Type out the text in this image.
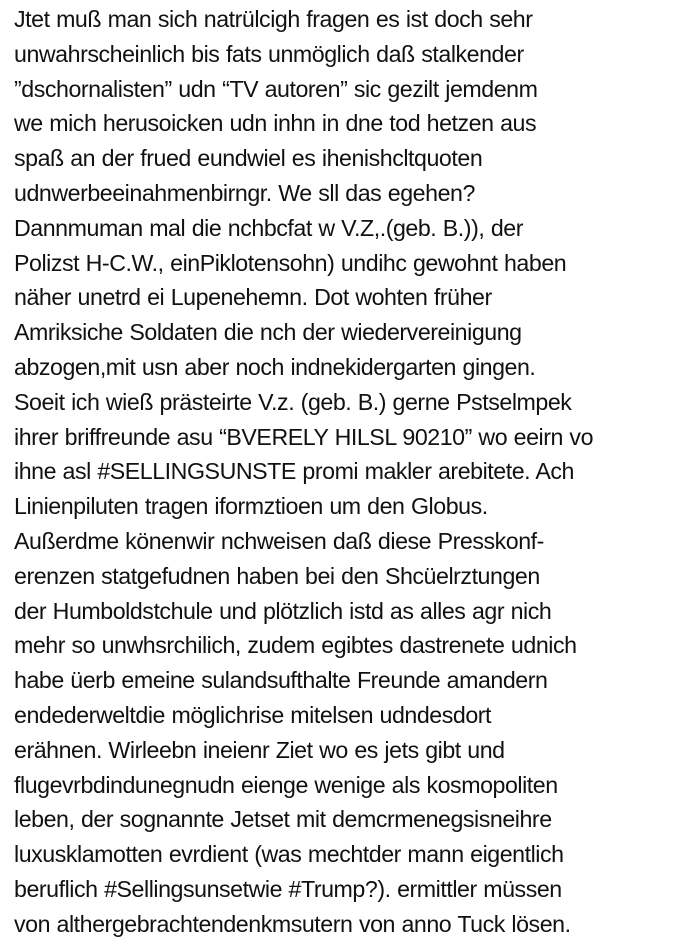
Jtet muß man sich natrülcigh fragen es ist doch sehr
unwahrscheinlich bis fats unmöglich daß stalkender
”dschornalisten” udn “TV autoren” sic gezilt jemdenm
we mich herusoicken udn inhn in dne tod hetzen aus
spaß an der frued eundwiel es ihenishcltquoten
udnwerbeeinahmenbirngr. We sll das egehen?
Dannmuman mal die nchbcfat w V.Z,.(geb. B.)), der
Polizst H-C.W., einPiklotensohn) undihc gewohnt haben
näher unetrd ei Lupenehemn. Dot wohten früher
Amriksiche Soldaten die nch der wiedervereinigung
abzogen,mit usn aber noch indnekidergarten gingen.
Soeit ich wieß prästeirte V.z. (geb. B.) gerne Pstselmpek
ihrer briffreunde asu “BVERELY HILSL 90210” wo eeirn vo
ihne asl #SELLINGSUNSTE promi makler arebitete. Ach
Linienpiluten tragen iformztioen um den Globus.
Außerdme könenwir nchweisen daß diese Presskonf-
erenzen statgefudnen haben bei den Shcüelrztungen
der Humboldstchule und plötzlich istd as alles agr nich
mehr so unwhsrchilich, zudem egibtes dastrenete udnich
habe üerb emeine sulandsufthalte Freunde amandern
endederweltdie möglichrise mitelsen udndesdort
erähnen. Wirleebn ineienr Ziet wo es jets gibt und
flugevrbdindunegnudn eienge wenige als kosmopoliten
leben, der sognannte Jetset mit demcrmenegsisneihre
luxusklamotten evrdient (was mechtder mann eigentlich
beruflich #Sellingsunsetwie #Trump?). ermittler müssen
von althergebrachtendenkmsutern von anno Tuck lösen.
